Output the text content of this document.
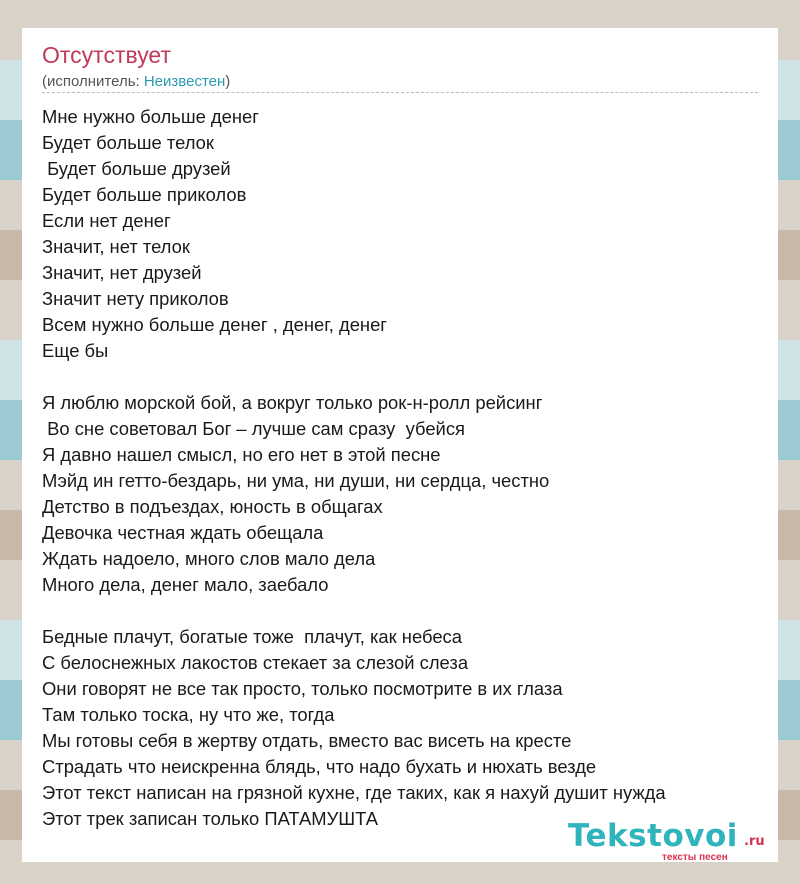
Отсутствует
(исполнитель: Неизвестен)
Мне нужно больше денег
Будет больше телок
Будет больше друзей
Будет больше приколов
Если нет денег
Значит, нет телок
Значит, нет друзей
Значит нету приколов
Всем нужно больше денег , денег, денег
Еще бы
Я люблю морской бой, а вокруг только рок-н-ролл рейсинг
Во сне советовал Бог – лучше сам сразу  убейся
Я давно нашел смысл, но его нет в этой песне
Мэйд ин гетто-бездарь, ни ума, ни души, ни сердца, честно
Детство в подъездах, юность в общагах
Девочка честная ждать обещала
Ждать надоело, много слов мало дела
Много дела, денег мало, заебало
Бедные плачут, богатые тоже  плачут, как небеса
С белоснежных лакостов стекает за слезой слеза
Они говорят не все так просто, только посмотрите в их глаза
Там только тоска, ну что же, тогда
Мы готовы себя в жертву отдать, вместо вас висеть на кресте
Страдать что неискренна блядь, что надо бухать и нюхать везде
Этот текст написан на грязной кухне, где таких, как я нахуй душит нужда
Этот трек записан только ПАТАМУШТА	Tekstovoi .ru
тексты песен
